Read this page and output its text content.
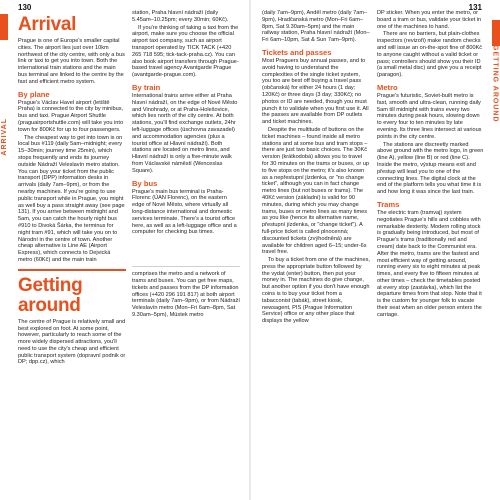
ARRIVAL
130
Arrival

Prague is one of Europe's smaller capital cities. The airport lies just over 10km northwest of the city centre, with only a bus link or taxi to get you into town. Both the international train stations and the main bus terminal are linked to the centre by the fast and efficient metro system.

By plane

Prague's Václav Havel airport (letiště Praha) is connected to the city by minibus, bus and taxi. Prague Airport Shuttle (praguairportshuttle.com) will take you into town for 800Kč for up to four passengers.

The cheapest way to get into town is on local bus #119 (daily 5am–midnight; every 15–30min; journey time 25min), which stops frequently and ends its journey outside Nádraží Veleslavín metro station. You can buy your ticket from the public transport (DPP) information desks in arrivals (daily 7am–9pm), or from the nearby machines. If you're going to use public transport while in Prague, you might as well buy a pass straight away (see page 131). If you arrive between midnight and 5am, you can catch the hourly night bus #910 to Divoká Šárka, the terminus for night tram #91, which will take you on to Národní in the centre of town. Another cheap alternative is Line AE (Airport Express), which connects to Dejvická metro (60Kč) and the main train

Getting around

The centre of Prague is relatively small and best explored on foot. At some point, however, particularly to reach some of the more widely dispersed attractions, you'll need to use the city's cheap and efficient public transport system (dopravní podnik or DP; dpp.cz), which

station, Praha hlavní nádraží (daily 5.45am–10.25pm; every 30min; 60Kč).

If you're thinking of taking a taxi from the airport, make sure you choose the official airport taxi company, such as airport transport operated by TICK TACK (+420 265 718 595; tick-tack-praha.cz). You can also book airport transfers through Prague-based travel agency Avantgarde Prague (avantgarde-prague.com).

By train

International trains arrive either at Praha hlavní nádraží, on the edge of Nové Město and Vinohrady, or at Praha-Holešovice, which lies north of the city centre. At both stations, you'll find exchange outlets, 24hr left-luggage offices (úschovna zavazadel) and accommodation agencies (plus a tourist office at Hlavní nádraží). Both stations are located on metro lines, and Hlavní nádraží is only a five-minute walk from Václavské náměstí (Wenceslas Square).

By bus

Prague's main bus terminal is Praha-Florenc (ÚAN Florenc), on the eastern edge of Nové Město, where virtually all long-distance international and domestic services terminate. There's a tourist office here, as well as a left-luggage office and a computer for checking bus times.

comprises the metro and a network of trams and buses. You can get free maps, tickets and passes from the DP information offices (+420 296 191 817) at both airport terminals (daily 7am–9pm), or from Nádraží Veleslavín metro (Mon–Fri 6am–8pm, Sat 9.30am–5pm), Müstek metro

GETTING AROUND
131

(daily 7am–9pm), Anděl metro (daily 7am–9pm), Hradčanská metro (Mon–Fri 6am–8pm, Sat 9.30am–5pm) and the main railway station, Praha hlavní nádraží (Mon–Fri 6am–10pm, Sat & Sun 7am–9pm).

Tickets and passes

Most Praguers buy annual passes, and to avoid having to understand the complexities of the single ticket system, you too are best off buying a travel pass (občanská) for either 24 hours (1 day; 120Kč) or three days (3 day; 330Kč); no photos or ID are needed, though you must punch it to validate when you first use it. All the passes are available from DP outlets and ticket machines.

Despite the multitude of buttons on the ticket machines – found inside all metro stations and at some bus and tram stops – there are just two basic choices. The 30Kč version (krátkodobá) allows you to travel for 30 minutes on the trams or buses, or up to five stops on the metro; it's also known as a nepřestupní jízdenka, or "no change ticket", although you can in fact change metro lines (but not buses or trams). The 40Kč version (základní) is valid for 90 minutes, during which you may change trams, buses or metro lines as many times as you like (hence its alternative name, přestupní jízdenka, or "change ticket"). A full-price ticket is called plnocenná; discounted tickets (zvýhodněná) are available for children aged 6–15; under-6s travel free.

To buy a ticket from one of the machines, press the appropriate button followed by the vydat (enter) button, then put your money in. The machines do give change, but another option if you don't have enough coins is to buy your ticket from a tabacconist (tabák), street kiosk, newsagent, PIS (Prague Information Service) office or any other place that displays the yellow

DP sticker. When you enter the metro, or board a tram or bus, validate your ticket in one of the machines to hand.

There are no barriers, but plain-clothes inspectors (revizoři) make random checks and will issue an on-the-spot fine of 800Kč to anyone caught without a valid ticket or pass; controllers should show you their ID (a small metal disc) and give you a receipt (paragon).

Metro

Prague's futuristic, Soviet-built metro is fast, smooth and ultra-clean, running daily 5am till midnight with trains every two minutes during peak hours, slowing down to every four to ten minutes by late evening. Its three lines intersect at various points in the city centre.

The stations are discreetly marked above ground with the metro logo, in green (line A), yellow (line B) or red (line C). Inside the metro, výstup means exit and přestup will lead you to one of the connecting lines. The digital clock at the end of the platform tells you what time it is and how long it was since the last train.

Trams

The electric tram (tramvaj) system negotiates Prague's hills and cobbles with remarkable dexterity. Modern rolling stock is gradually being introduced, but most of Prague's trams (traditionally red and cream) date back to the Communist era. After the metro, trams are the fastest and most efficient way of getting around, running every six to eight minutes at peak times, and every five to fifteen minutes at other times – check the timetables posted at every stop (zastávka), which list the departure times from that stop. Note that it is the custom for younger folk to vacate their seat when an older person enters the carriage.
